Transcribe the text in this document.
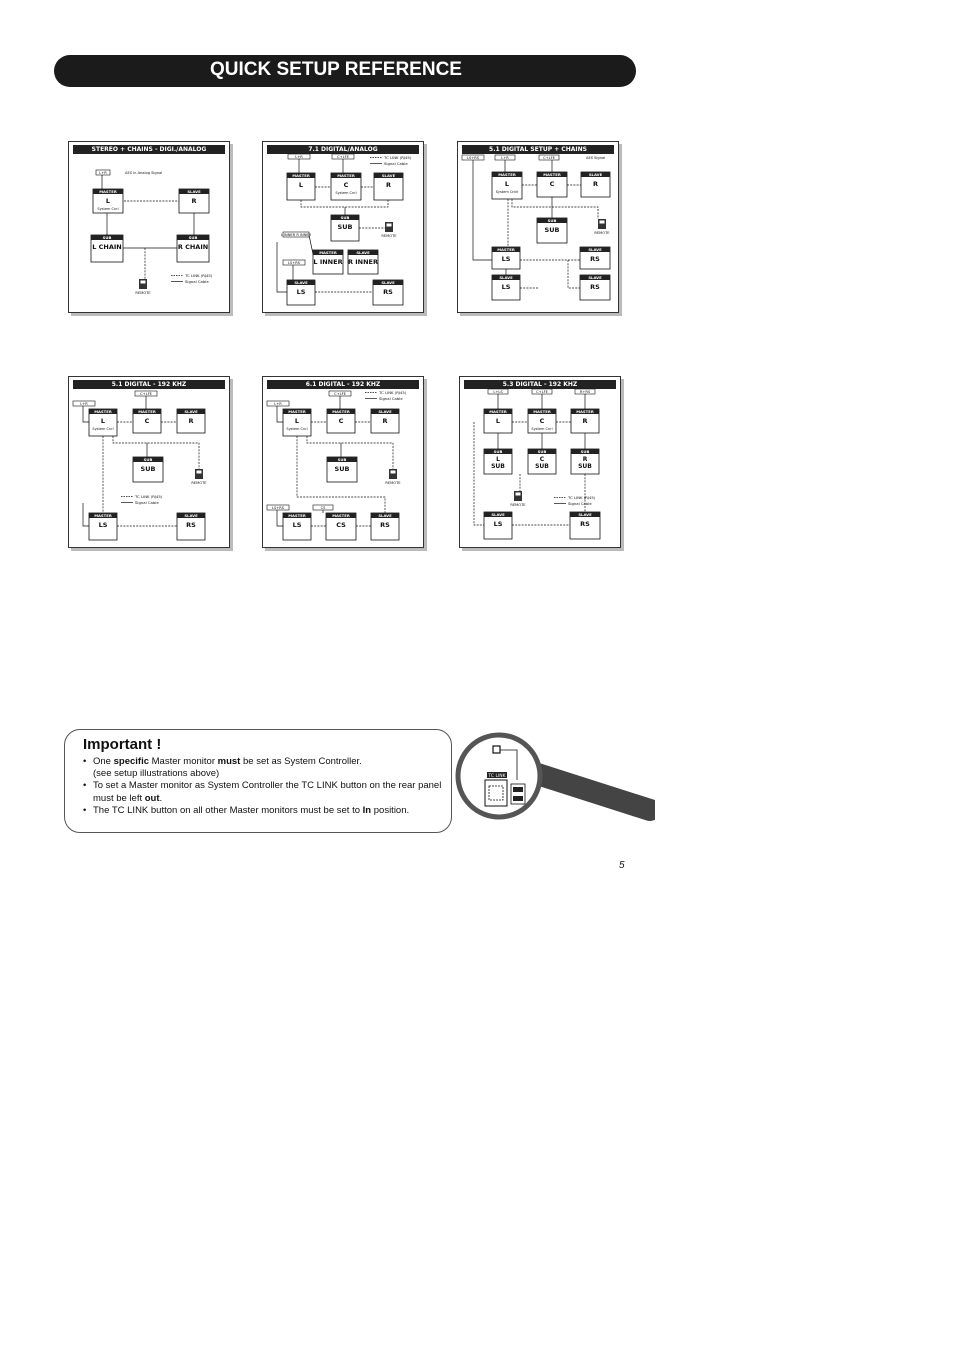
QUICK SETUP REFERENCE
STEREO + CHAINS - DIGI./ANALOG
MASTER
L
System Cnrl
SLAVE
R
SUB
L CHAIN
SUB
R CHAIN
L+R	AES in Analog Signal
TC LINK (RJ45)
Signal Cable
REMOTE
7.1 DIGITAL/ANALOG
MASTER
L
MASTER
C
System Cnrl
SLAVE
R
SUB
SUB
MASTER
L INNER
SLAVE
R INNER
SLAVE
LS
SLAVE
RS
L+R	C+LFE
L INNER R INNER
LS+RS
TC LINK (RJ45)
Signal Cable
REMOTE
5.1 DIGITAL SETUP + CHAINS
MASTER
L
System Cntrl
MASTER
C
SLAVE
R
SUB
SUB
MASTER
LS
SLAVE
RS
SLAVE
LS
SLAVE
RS
LS+RS	L+R	C+LFE	AES Signal
REMOTE
5.1 DIGITAL - 192 KHZ
MASTER
L
System Cnrl
MASTER
C
SLAVE
R
SUB
SUB
MASTER
LS
SLAVE
RS
L+R
C+LFE
TC LINK (RJ45)
Signal Cable
REMOTE
6.1 DIGITAL - 192 KHZ
MASTER
L
System Cnrl
MASTER
C
SLAVE
R
SUB
SUB
MASTER
LS
MASTER
CS
SLAVE
RS
L+R
C+LFE
LS+RS	CS
TC LINK (RJ45)
Signal Cable
REMOTE
5.3 DIGITAL - 192 KHZ
MASTER
L
MASTER
C
System Cnrl
MASTER
R
SUB
L
SUB
SUB
C
SUB
SUB
R
SUB
SLAVE
LS
SLAVE
RS
L+LS	C+LFE	R+RS
TC LINK (RJ45)
Signal Cable
REMOTE
Important !
• One specific Master monitor must be set as System Controller.
(see setup illustrations above)
• To set a Master monitor as System Controller the TC LINK button on the rear panel must be left out.
• The TC LINK button on all other Master monitors must be set to In position.
TC LINK
5
